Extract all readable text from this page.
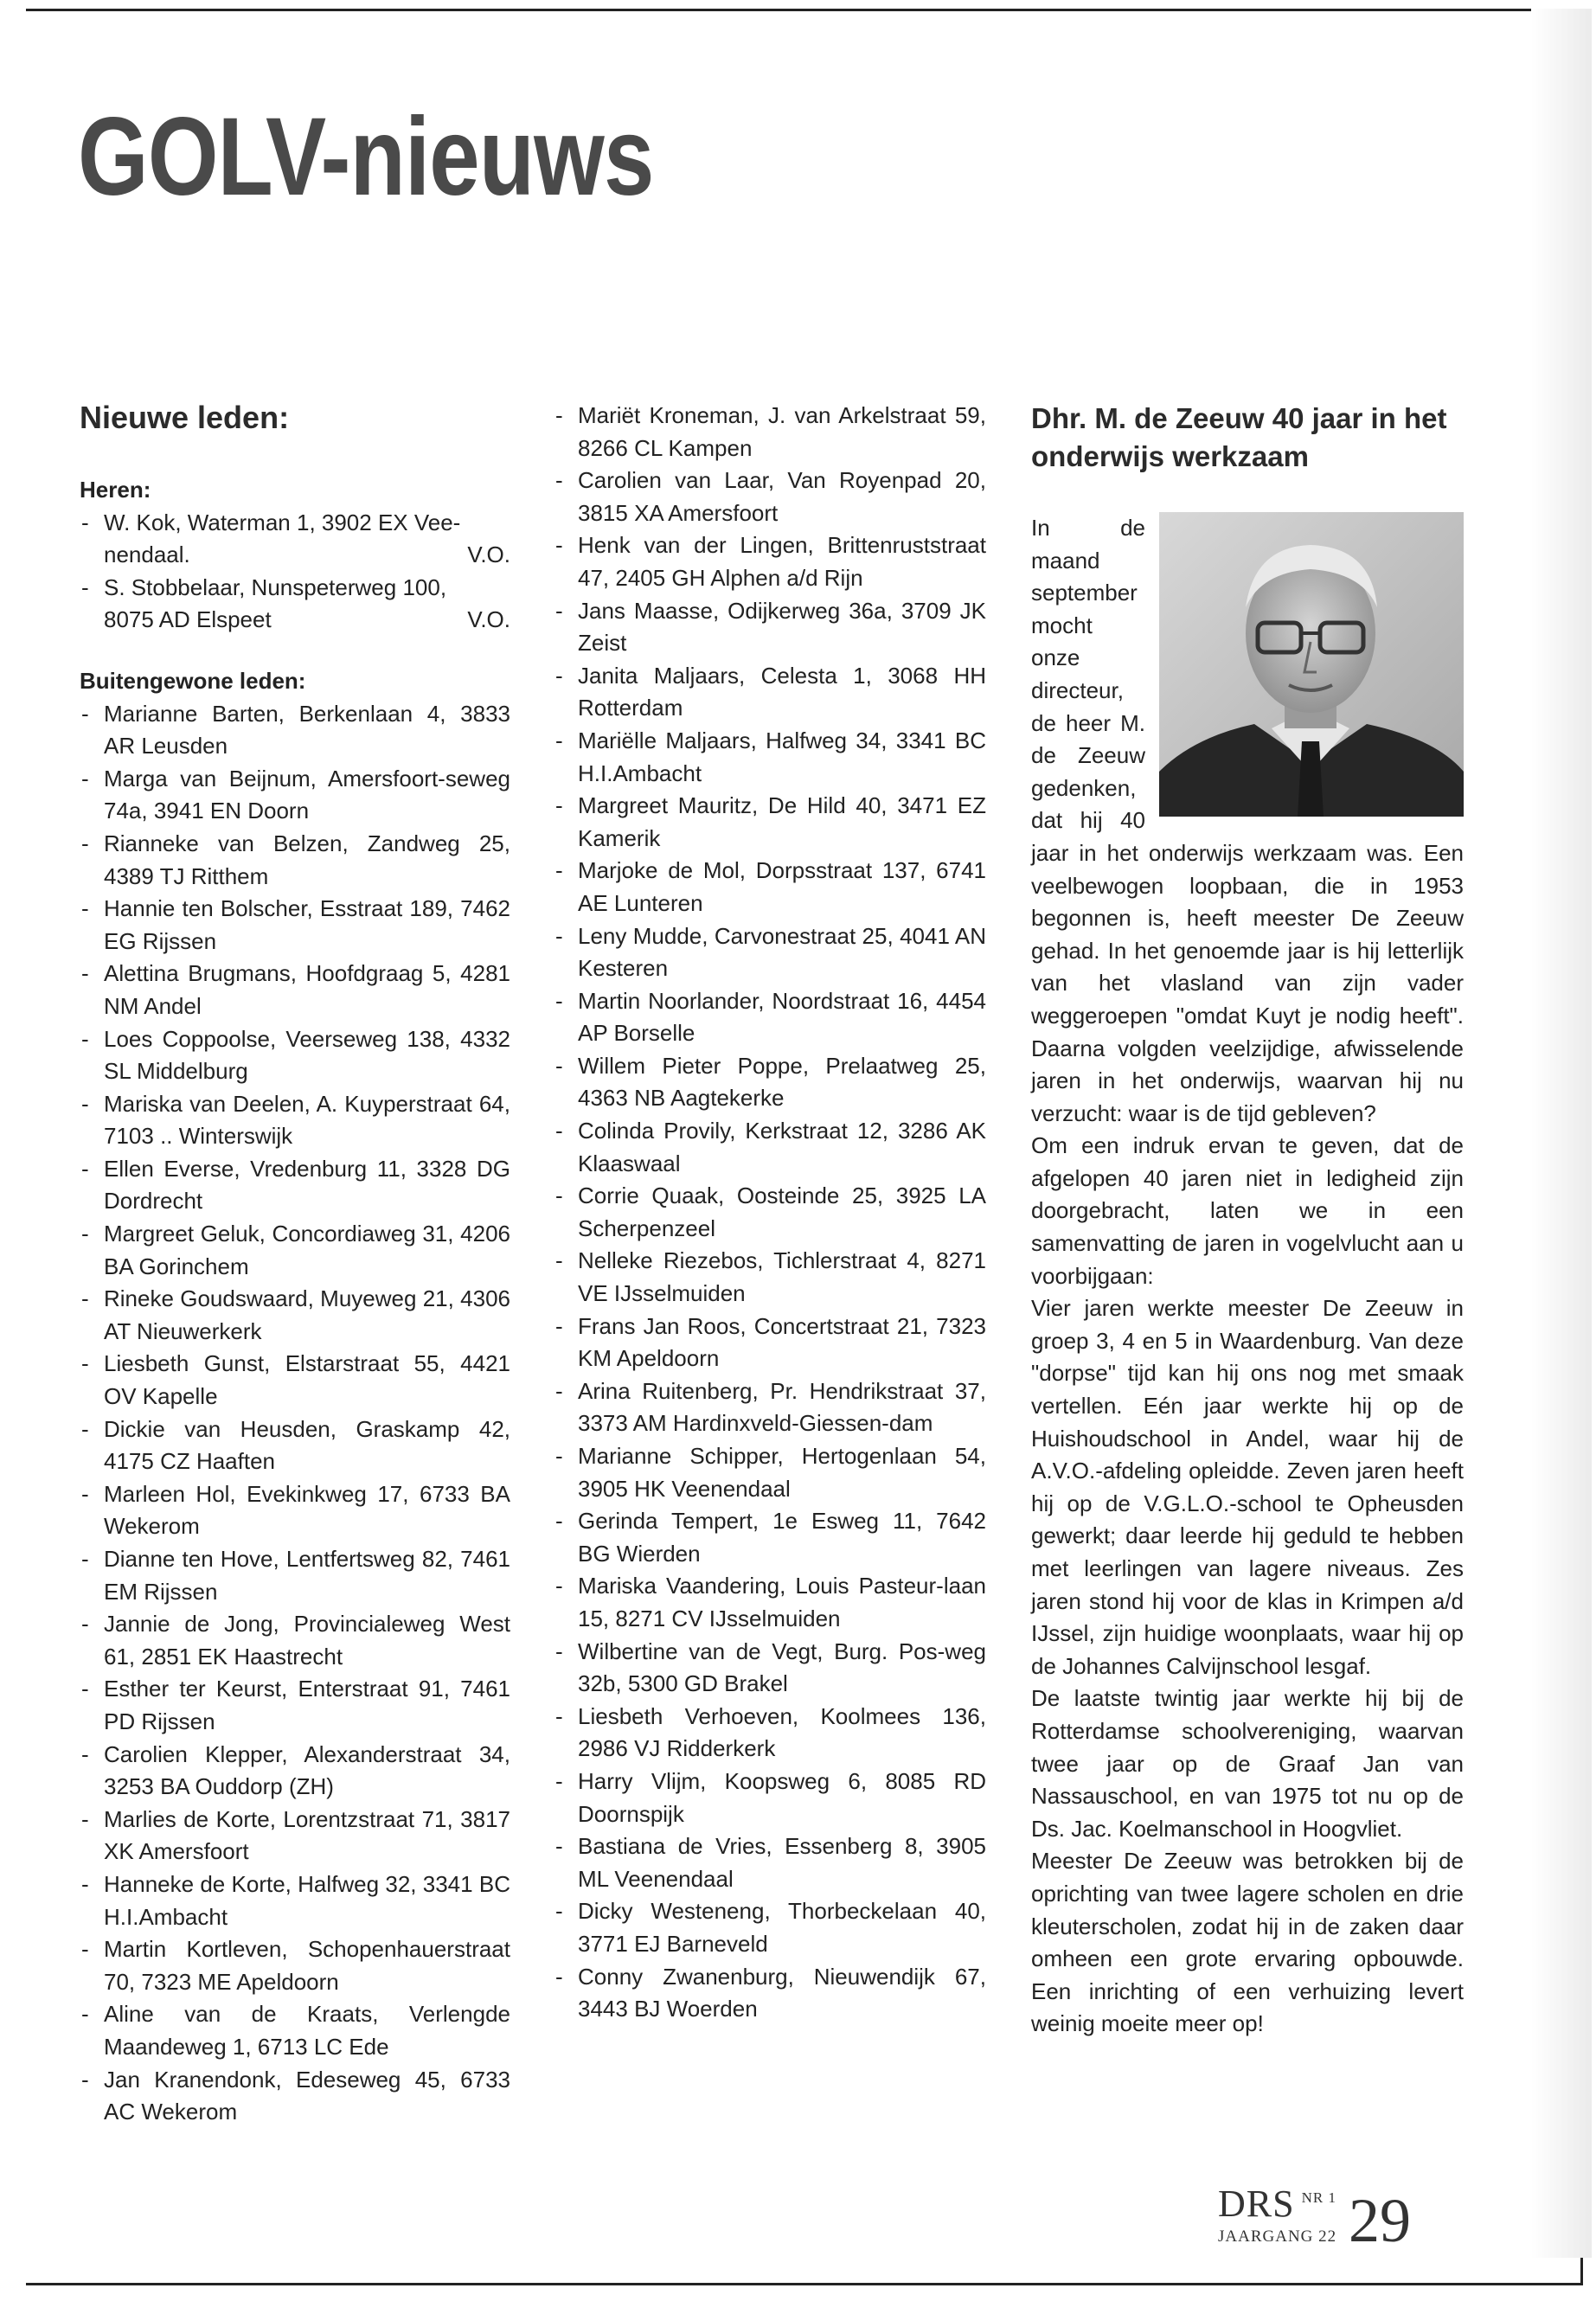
GOLV-nieuws
Nieuwe leden:
Heren:
- W. Kok, Waterman 1, 3902 EX Vee-
nendaal.	V.O.
- S. Stobbelaar, Nunspeterweg 100,
8075 AD Elspeet	V.O.
Buitengewone leden:
- Marianne Barten, Berkenlaan 4, 3833 AR Leusden
- Marga van Beijnum, Amersfoort-seweg 74a, 3941 EN Doorn
- Rianneke van Belzen, Zandweg 25, 4389 TJ Ritthem
- Hannie ten Bolscher, Esstraat 189, 7462 EG Rijssen
- Alettina Brugmans, Hoofdgraag 5, 4281 NM Andel
- Loes Coppoolse, Veerseweg 138, 4332 SL Middelburg
- Mariska van Deelen, A. Kuyperstraat 64, 7103 .. Winterswijk
- Ellen Everse, Vredenburg 11, 3328 DG Dordrecht
- Margreet Geluk, Concordiaweg 31, 4206 BA Gorinchem
- Rineke Goudswaard, Muyeweg 21, 4306 AT Nieuwerkerk
- Liesbeth Gunst, Elstarstraat 55, 4421 OV Kapelle
- Dickie van Heusden, Graskamp 42, 4175 CZ Haaften
- Marleen Hol, Evekinkweg 17, 6733 BA Wekerom
- Dianne ten Hove, Lentfertsweg 82, 7461 EM Rijssen
- Jannie de Jong, Provincialeweg West 61, 2851 EK Haastrecht
- Esther ter Keurst, Enterstraat 91, 7461 PD Rijssen
- Carolien Klepper, Alexanderstraat 34, 3253 BA Ouddorp (ZH)
- Marlies de Korte, Lorentzstraat 71, 3817 XK Amersfoort
- Hanneke de Korte, Halfweg 32, 3341 BC H.I.Ambacht
- Martin Kortleven, Schopenhauerstraat 70, 7323 ME Apeldoorn
- Aline van de Kraats, Verlengde Maandeweg 1, 6713 LC Ede
- Jan Kranendonk, Edeseweg 45, 6733 AC Wekerom
- Mariët Kroneman, J. van Arkelstraat 59, 8266 CL Kampen
- Carolien van Laar, Van Royenpad 20, 3815 XA Amersfoort
- Henk van der Lingen, Brittenruststraat 47, 2405 GH Alphen a/d Rijn
- Jans Maasse, Odijkerweg 36a, 3709 JK Zeist
- Janita Maljaars, Celesta 1, 3068 HH Rotterdam
- Mariëlle Maljaars, Halfweg 34, 3341 BC H.I.Ambacht
- Margreet Mauritz, De Hild 40, 3471 EZ Kamerik
- Marjoke de Mol, Dorpsstraat 137, 6741 AE Lunteren
- Leny Mudde, Carvonestraat 25, 4041 AN Kesteren
- Martin Noorlander, Noordstraat 16, 4454 AP Borselle
- Willem Pieter Poppe, Prelaatweg 25, 4363 NB Aagtekerke
- Colinda Provily, Kerkstraat 12, 3286 AK Klaaswaal
- Corrie Quaak, Oosteinde 25, 3925 LA Scherpenzeel
- Nelleke Riezebos, Tichlerstraat 4, 8271 VE IJsselmuiden
- Frans Jan Roos, Concertstraat 21, 7323 KM Apeldoorn
- Arina Ruitenberg, Pr. Hendrikstraat 37, 3373 AM Hardinxveld-Giessen-dam
- Marianne Schipper, Hertogenlaan 54, 3905 HK Veenendaal
- Gerinda Tempert, 1e Esweg 11, 7642 BG Wierden
- Mariska Vaandering, Louis Pasteur-laan 15, 8271 CV IJsselmuiden
- Wilbertine van de Vegt, Burg. Pos-weg 32b, 5300 GD Brakel
- Liesbeth Verhoeven, Koolmees 136, 2986 VJ Ridderkerk
- Harry Vlijm, Koopsweg 6, 8085 RD Doornspijk
- Bastiana de Vries, Essenberg 8, 3905 ML Veenendaal
- Dicky Westeneng, Thorbeckelaan 40, 3771 EJ Barneveld
- Conny Zwanenburg, Nieuwendijk 67, 3443 BJ Woerden
Dhr. M. de Zeeuw 40 jaar in het onderwijs werkzaam

In de maand september mocht onze directeur, de heer M. de Zeeuw gedenken, dat hij 40 jaar in het onderwijs werkzaam was. Een veelbewogen loopbaan, die in 1953 begonnen is, heeft meester De Zeeuw gehad. In het genoemde jaar is hij letterlijk van het vlasland van zijn vader weggeroepen "omdat Kuyt je nodig heeft". Daarna volgden veelzijdige, afwisselende jaren in het onderwijs, waarvan hij nu verzucht: waar is de tijd gebleven?

Om een indruk ervan te geven, dat de afgelopen 40 jaren niet in ledigheid zijn doorgebracht, laten we in een samenvatting de jaren in vogelvlucht aan u voorbijgaan:

Vier jaren werkte meester De Zeeuw in groep 3, 4 en 5 in Waardenburg. Van deze "dorpse" tijd kan hij ons nog met smaak vertellen. Eén jaar werkte hij op de Huishoudschool in Andel, waar hij de A.V.O.-afdeling opleidde. Zeven jaren heeft hij op de V.G.L.O.-school te Opheusden gewerkt; daar leerde hij geduld te hebben met leerlingen van lagere niveaus. Zes jaren stond hij voor de klas in Krimpen a/d IJssel, zijn huidige woonplaats, waar hij op de Johannes Calvijnschool lesgaf.

De laatste twintig jaar werkte hij bij de Rotterdamse schoolvereniging, waarvan twee jaar op de Graaf Jan van Nassauschool, en van 1975 tot nu op de Ds. Jac. Koelmanschool in Hoogvliet.

Meester De Zeeuw was betrokken bij de oprichting van twee lagere scholen en drie kleuterscholen, zodat hij in de zaken daar omheen een grote ervaring opbouwde. Een inrichting of een verhuizing levert weinig moeite meer op!

DRS NR 1 29
JAARGANG 22
